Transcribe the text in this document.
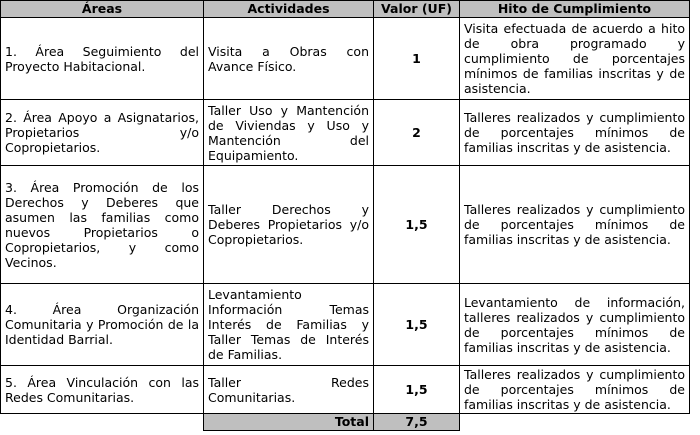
Áreas	Actividades	Valor (UF)	Hito de Cumplimiento
1. Área Seguimiento del Proyecto Habitacional.	Visita a Obras con Avance Físico.	1	Visita efectuada de acuerdo a hito de obra programado y cumplimiento de porcentajes mínimos de familias inscritas y de asistencia.
2. Área Apoyo a Asignatarios, Propietarios y/o Copropietarios.	Taller Uso y Mantención de Viviendas y Uso y Mantención del Equipamiento.	2	Talleres realizados y cumplimiento de porcentajes mínimos de familias inscritas y de asistencia.
3. Área Promoción de los Derechos y Deberes que asumen las familias como nuevos Propietarios o Copropietarios, y como Vecinos.	Taller Derechos y Deberes Propietarios y/o Copropietarios.	1,5	Talleres realizados y cumplimiento de porcentajes mínimos de familias inscritas y de asistencia.
4. Área Organización Comunitaria y Promoción de la Identidad Barrial.	Levantamiento Información Temas Interés de Familias y Taller Temas de Interés de Familias.	1,5	Levantamiento de información, talleres realizados y cumplimiento de porcentajes mínimos de familias inscritas y de asistencia.
5. Área Vinculación con las Redes Comunitarias.	Taller Redes Comunitarias.	1,5	Talleres realizados y cumplimiento de porcentajes mínimos de familias inscritas y de asistencia.
	Total	7,5	
